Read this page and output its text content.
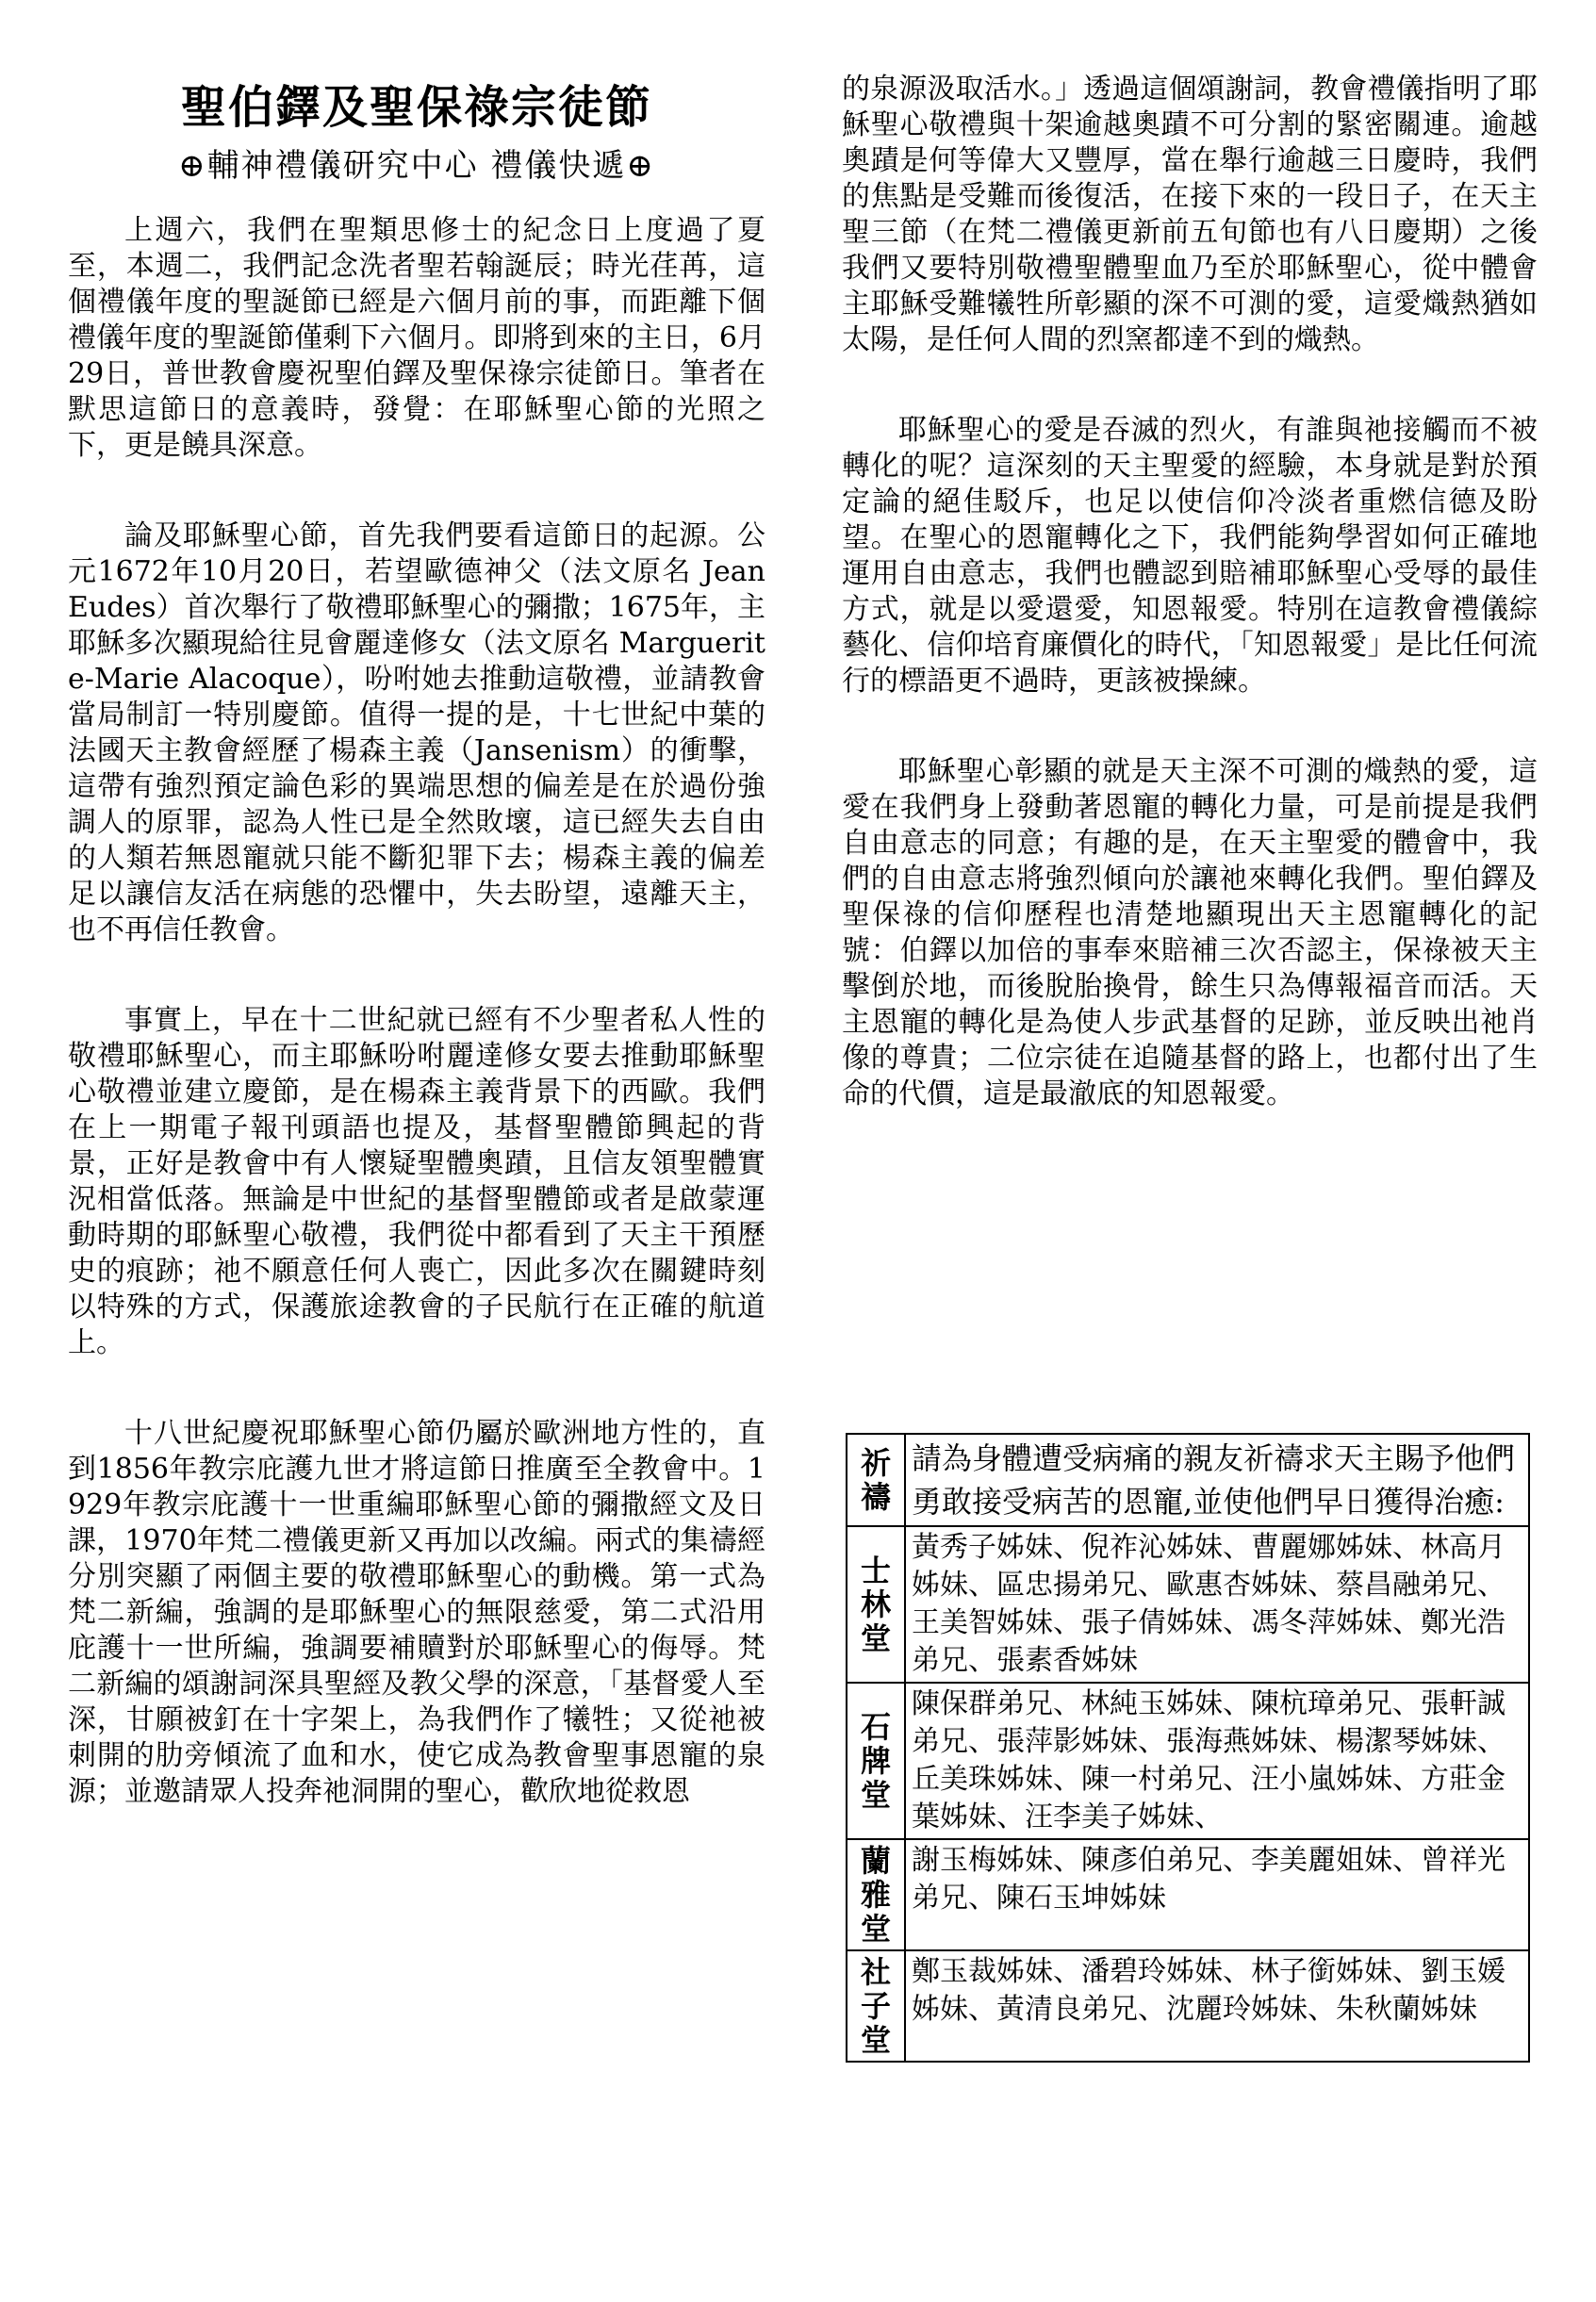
聖伯鐸及聖保祿宗徒節
⊕輔神禮儀研究中心 禮儀快遞⊕

上週六，我們在聖類思修士的紀念日上度過了夏至，本週二，我們記念洗者聖若翰誕辰；時光荏苒，這個禮儀年度的聖誕節已經是六個月前的事，而距離下個禮儀年度的聖誕節僅剩下六個月。即將到來的主日，6月29日，普世教會慶祝聖伯鐸及聖保祿宗徒節日。筆者在默思這節日的意義時，發覺：在耶穌聖心節的光照之下，更是饒具深意。

論及耶穌聖心節，首先我們要看這節日的起源。公元1672年10月20日，若望歐德神父（法文原名 Jean Eudes）首次舉行了敬禮耶穌聖心的彌撒；1675年，主耶穌多次顯現給往見會麗達修女（法文原名 Marguerite-Marie Alacoque），吩咐她去推動這敬禮，並請教會當局制訂一特別慶節。值得一提的是，十七世紀中葉的法國天主教會經歷了楊森主義（Jansenism）的衝擊，這帶有強烈預定論色彩的異端思想的偏差是在於過份強調人的原罪，認為人性已是全然敗壞，這已經失去自由的人類若無恩寵就只能不斷犯罪下去；楊森主義的偏差足以讓信友活在病態的恐懼中，失去盼望，遠離天主，也不再信任教會。

事實上，早在十二世紀就已經有不少聖者私人性的敬禮耶穌聖心，而主耶穌吩咐麗達修女要去推動耶穌聖心敬禮並建立慶節，是在楊森主義背景下的西歐。我們在上一期電子報刊頭語也提及，基督聖體節興起的背景，正好是教會中有人懷疑聖體奧蹟，且信友領聖體實況相當低落。無論是中世紀的基督聖體節或者是啟蒙運動時期的耶穌聖心敬禮，我們從中都看到了天主干預歷史的痕跡；祂不願意任何人喪亡，因此多次在關鍵時刻以特殊的方式，保護旅途教會的子民航行在正確的航道上。

十八世紀慶祝耶穌聖心節仍屬於歐洲地方性的，直到1856年教宗庇護九世才將這節日推廣至全教會中。1929年教宗庇護十一世重編耶穌聖心節的彌撒經文及日課，1970年梵二禮儀更新又再加以改編。兩式的集禱經分別突顯了兩個主要的敬禮耶穌聖心的動機。第一式為梵二新編，強調的是耶穌聖心的無限慈愛，第二式沿用庇護十一世所編，強調要補贖對於耶穌聖心的侮辱。梵二新編的頌謝詞深具聖經及教父學的深意，「基督愛人至深，甘願被釘在十字架上，為我們作了犧牲；又從祂被刺開的肋旁傾流了血和水，使它成為教會聖事恩寵的泉源；並邀請眾人投奔祂洞開的聖心，歡欣地從救恩

的泉源汲取活水。」透過這個頌謝詞，教會禮儀指明了耶穌聖心敬禮與十架逾越奧蹟不可分割的緊密關連。逾越奧蹟是何等偉大又豐厚，當在舉行逾越三日慶時，我們的焦點是受難而後復活，在接下來的一段日子，在天主聖三節（在梵二禮儀更新前五旬節也有八日慶期）之後我們又要特別敬禮聖體聖血乃至於耶穌聖心，從中體會主耶穌受難犧牲所彰顯的深不可測的愛，這愛熾熱猶如太陽，是任何人間的烈窯都達不到的熾熱。

耶穌聖心的愛是吞滅的烈火，有誰與祂接觸而不被轉化的呢？這深刻的天主聖愛的經驗，本身就是對於預定論的絕佳駁斥，也足以使信仰冷淡者重燃信德及盼望。在聖心的恩寵轉化之下，我們能夠學習如何正確地運用自由意志，我們也體認到賠補耶穌聖心受辱的最佳方式，就是以愛還愛，知恩報愛。特別在這教會禮儀綜藝化、信仰培育廉價化的時代，「知恩報愛」是比任何流行的標語更不過時，更該被操練。

耶穌聖心彰顯的就是天主深不可測的熾熱的愛，這愛在我們身上發動著恩寵的轉化力量，可是前提是我們自由意志的同意；有趣的是，在天主聖愛的體會中，我們的自由意志將強烈傾向於讓祂來轉化我們。聖伯鐸及聖保祿的信仰歷程也清楚地顯現出天主恩寵轉化的記號：伯鐸以加倍的事奉來賠補三次否認主，保祿被天主擊倒於地，而後脫胎換骨，餘生只為傳報福音而活。天主恩寵的轉化是為使人步武基督的足跡，並反映出祂肖像的尊貴；二位宗徒在追隨基督的路上，也都付出了生命的代價，這是最澈底的知恩報愛。

祈禱	請為身體遭受病痛的親友祈禱求天主賜予他們勇敢接受病苦的恩寵,並使他們早日獲得治癒:
士林堂	黃秀子姊妹、倪祚沁姊妹、曹麗娜姊妹、林高月姊妹、區忠揚弟兄、歐惠杏姊妹、蔡昌融弟兄、王美智姊妹、張子倩姊妹、馮冬萍姊妹、鄭光浩弟兄、張素香姊妹
石牌堂	陳保群弟兄、林純玉姊妹、陳杭璋弟兄、張軒誠弟兄、張萍影姊妹、張海燕姊妹、楊潔琴姊妹、丘美珠姊妹、陳一村弟兄、汪小嵐姊妹、方莊金葉姊妹、汪李美子姊妹、
蘭雅堂	謝玉梅姊妹、陳彥伯弟兄、李美麗姐妹、曾祥光弟兄、陳石玉坤姊妹
社子堂	鄭玉裁姊妹、潘碧玲姊妹、林子銜姊妹、劉玉媛姊妹、黃清良弟兄、沈麗玲姊妹、朱秋蘭姊妹
